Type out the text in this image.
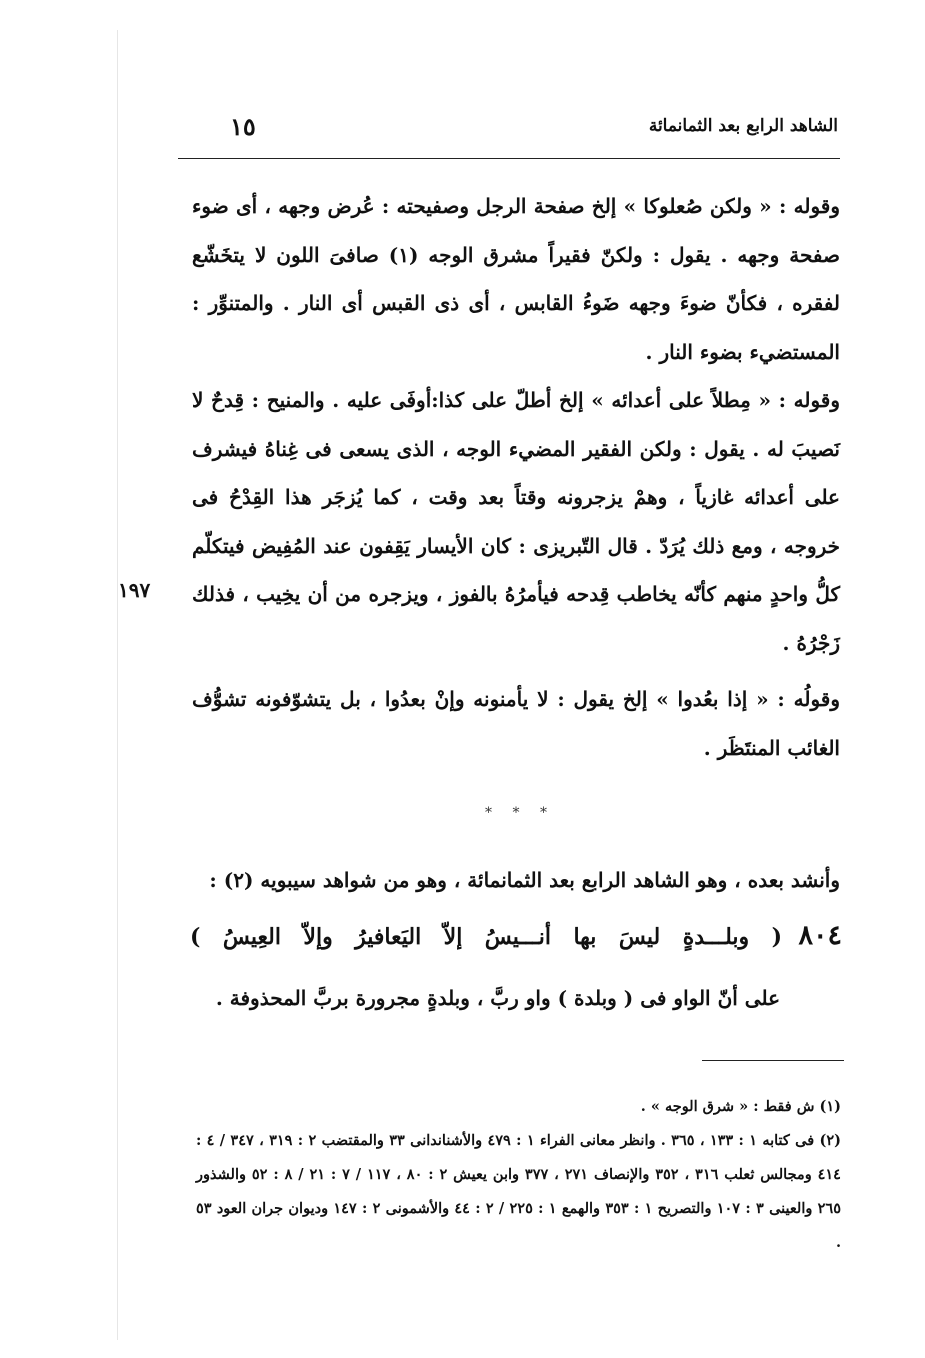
الشاهد الرابع بعد الثمانمائة
١٥
وقوله : « ولكن صُعلوكا » إلخ صفحة الرجل وصفيحته : عُرض وجهه ، أى ضوء صفحة وجهه . يقول : ولكنّ فقيراً مشرق الوجه (١) صافىَ اللون لا يتخَشّع لفقره ، فكأنّ ضوءَ وجهه ضَوءُ القابس ، أى ذى القبس أى النار . والمتنوِّر : المستضيء بضوء النار .
وقوله : « مِطلاً على أعدائه » إلخ أطلّ على كذا:أوفَى عليه . والمنيح : قِدحٌ لا نَصيبَ له . يقول : ولكن الفقير المضيء الوجه ، الذى يسعى فى غِناهُ فيشرف على أعدائه غازياً ، وهمْ يزجرونه وقتاً بعد وقت ، كما يُزجَر هذا القِدْحُ فى خروجه ، ومع ذلك يُرَدّ . قال التّبريزى : كان الأيسار يَقِفون عند المُفِيض فيتكلّم كلُّ واحدٍ منهم كأنّه يخاطب قِدحه فيأمرُهُ بالفوز ، ويزجره من أن يخِيب ، فذلك زَجْرُهُ .
١٩٧
وقولُه : « إذا بعُدوا » إلخ يقول : لا يأمنونه وإنْ بعدُوا ، بل يتشوّفونه تشوُّف الغائب المنتَظَر .
* * *
وأنشد بعده ، وهو الشاهد الرابع بعد الثمانمائة ، وهو من شواهد سيبويه (٢) :
٨٠٤
( وبلـــدةٍ ليسَ بها أنـــيسُ إلاّ اليَعافيرُ وإلاّ العِيسُ )
على أنّ الواو فى ( وبلدة ) واو ربَّ ، وبلدةٍ مجرورة بربَّ المحذوفة .
(١) ش فقط : « شرق الوجه » .
(٢) فى كتابه ١ : ١٣٣ ، ٣٦٥ . وانظر معانى الفراء ١ : ٤٧٩ والأشناندانى ٣٣ والمقتضب ٢ : ٣١٩ ، ٣٤٧ / ٤ : ٤١٤ ومجالس ثعلب ٣١٦ ، ٣٥٢ والإنصاف ٢٧١ ، ٣٧٧ وابن يعيش ٢ : ٨٠ ، ١١٧ / ٧ : ٢١ / ٨ : ٥٢ والشذور ٢٦٥ والعينى ٣ : ١٠٧ والتصريح ١ : ٣٥٣ والهمع ١ : ٢٢٥ / ٢ : ٤٤ والأشمونى ٢ : ١٤٧ وديوان جران العود ٥٣ .
